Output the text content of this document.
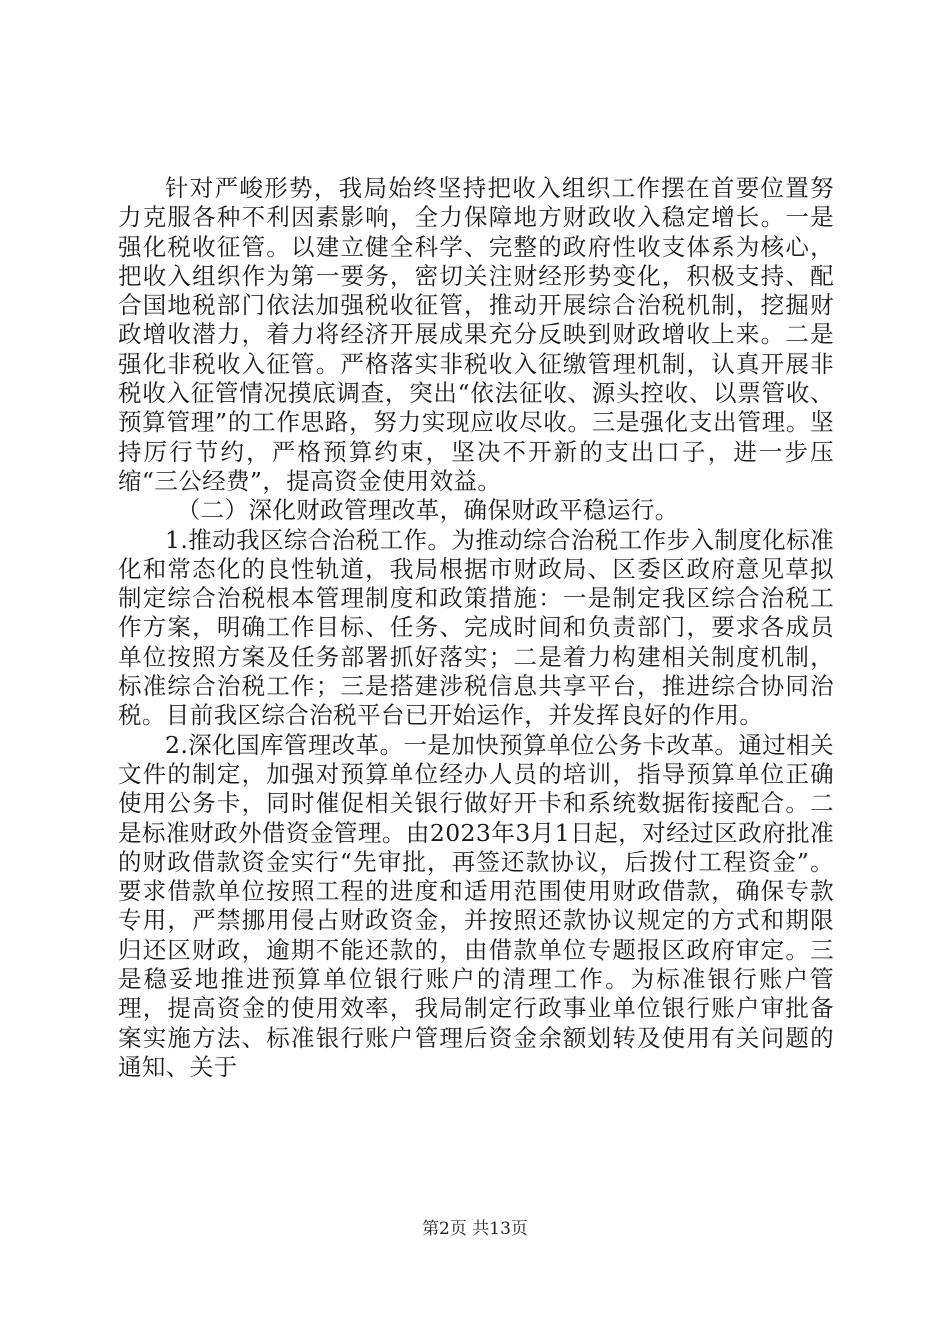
针对严峻形势，我局始终坚持把收入组织工作摆在首要位置努力克服各种不利因素影响，全力保障地方财政收入稳定增长。一是强化税收征管。以建立健全科学、完整的政府性收支体系为核心，把收入组织作为第一要务，密切关注财经形势变化，积极支持、配合国地税部门依法加强税收征管，推动开展综合治税机制，挖掘财政增收潜力，着力将经济开展成果充分反映到财政增收上来。二是强化非税收入征管。严格落实非税收入征缴管理机制，认真开展非税收入征管情况摸底调查，突出“依法征收、源头控收、以票管收、预算管理”的工作思路，努力实现应收尽收。三是强化支出管理。坚持厉行节约，严格预算约束，坚决不开新的支出口子，进一步压缩“三公经费”，提高资金使用效益。

（二）深化财政管理改革，确保财政平稳运行。

1.推动我区综合治税工作。为推动综合治税工作步入制度化标准化和常态化的良性轨道，我局根据市财政局、区委区政府意见草拟制定综合治税根本管理制度和政策措施：一是制定我区综合治税工作方案，明确工作目标、任务、完成时间和负责部门，要求各成员单位按照方案及任务部署抓好落实；二是着力构建相关制度机制，标准综合治税工作；三是搭建涉税信息共享平台，推进综合协同治税。目前我区综合治税平台已开始运作，并发挥良好的作用。

2.深化国库管理改革。一是加快预算单位公务卡改革。通过相关文件的制定，加强对预算单位经办人员的培训，指导预算单位正确使用公务卡，同时催促相关银行做好开卡和系统数据衔接配合。二是标准财政外借资金管理。由2023年3月1日起，对经过区政府批准的财政借款资金实行“先审批，再签还款协议，后拨付工程资金”。要求借款单位按照工程的进度和适用范围使用财政借款，确保专款专用，严禁挪用侵占财政资金，并按照还款协议规定的方式和期限归还区财政，逾期不能还款的，由借款单位专题报区政府审定。三是稳妥地推进预算单位银行账户的清理工作。为标准银行账户管理，提高资金的使用效率，我局制定行政事业单位银行账户审批备案实施方法、标准银行账户管理后资金余额划转及使用有关问题的通知、关于

第2页 共13页
